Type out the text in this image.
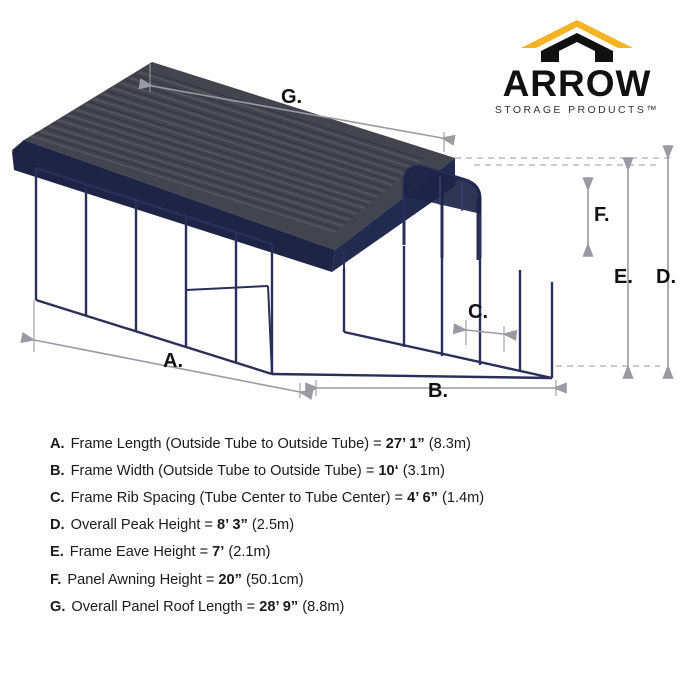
ARROW
STORAGE PRODUCTS™
G.
A.
B.
C.
D.
E.
F.
A. Frame Length (Outside Tube to Outside Tube) = 27’ 1” (8.3m)
B. Frame Width (Outside Tube to Outside Tube) = 10‘ (3.1m)
C. Frame Rib Spacing (Tube Center to Tube Center) = 4’ 6” (1.4m)
D. Overall Peak Height = 8’ 3” (2.5m)
E. Frame Eave Height = 7’ (2.1m)
F. Panel Awning Height = 20” (50.1cm)
G. Overall Panel Roof Length = 28’ 9” (8.8m)
